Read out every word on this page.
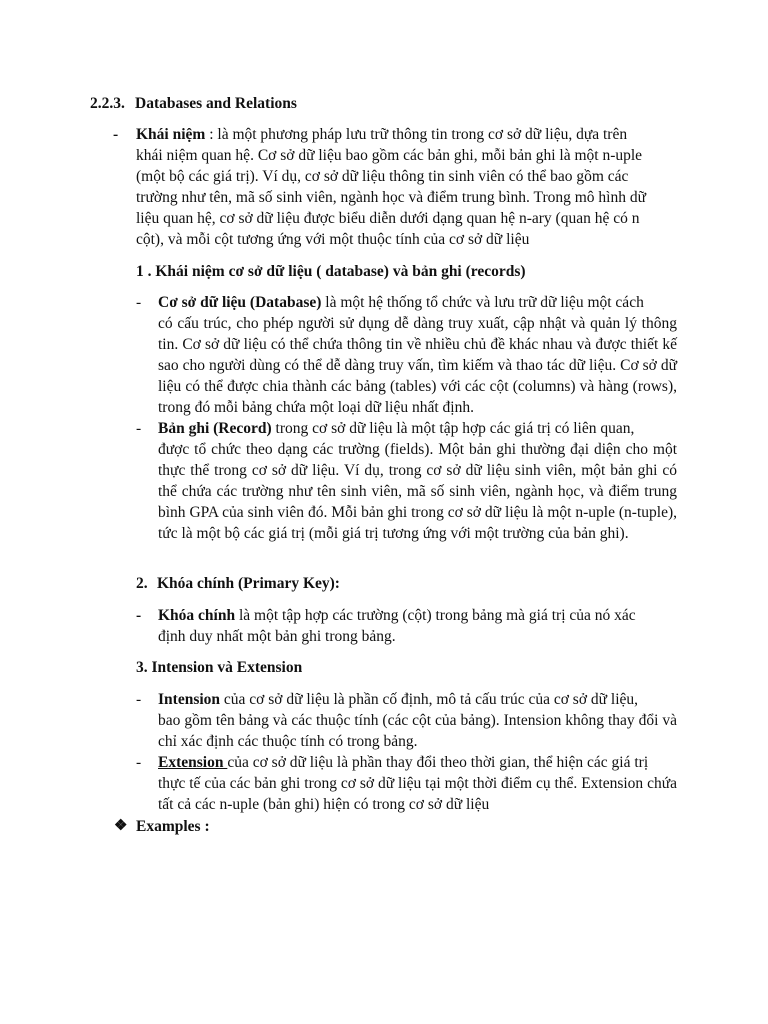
2.2.3. Databases and Relations
- Khái niệm : là một phương pháp lưu trữ thông tin trong cơ sở dữ liệu, dựa trên
khái niệm quan hệ. Cơ sở dữ liệu bao gồm các bản ghi, mỗi bản ghi là một n-uple
(một bộ các giá trị). Ví dụ, cơ sở dữ liệu thông tin sinh viên có thể bao gồm các
trường như tên, mã số sinh viên, ngành học và điểm trung bình. Trong mô hình dữ
liệu quan hệ, cơ sở dữ liệu được biểu diễn dưới dạng quan hệ n-ary (quan hệ có n
cột), và mỗi cột tương ứng với một thuộc tính của cơ sở dữ liệu
1 . Khái niệm cơ sở dữ liệu ( database) và bản ghi (records)
- Cơ sở dữ liệu (Database) là một hệ thống tổ chức và lưu trữ dữ liệu một cách
có cấu trúc, cho phép người sử dụng dễ dàng truy xuất, cập nhật và quản lý thông tin. Cơ sở dữ liệu có thể chứa thông tin về nhiều chủ đề khác nhau và được thiết kế sao cho người dùng có thể dễ dàng truy vấn, tìm kiếm và thao tác dữ liệu. Cơ sở dữ liệu có thể được chia thành các bảng (tables) với các cột (columns) và hàng (rows), trong đó mỗi bảng chứa một loại dữ liệu nhất định.
- Bản ghi (Record) trong cơ sở dữ liệu là một tập hợp các giá trị có liên quan,
được tổ chức theo dạng các trường (fields). Một bản ghi thường đại diện cho một thực thể trong cơ sở dữ liệu. Ví dụ, trong cơ sở dữ liệu sinh viên, một bản ghi có thể chứa các trường như tên sinh viên, mã số sinh viên, ngành học, và điểm trung bình GPA của sinh viên đó. Mỗi bản ghi trong cơ sở dữ liệu là một n-uple (n-tuple), tức là một bộ các giá trị (mỗi giá trị tương ứng với một trường của bản ghi).
2. Khóa chính (Primary Key):
- Khóa chính là một tập hợp các trường (cột) trong bảng mà giá trị của nó xác
định duy nhất một bản ghi trong bảng.
3. Intension và Extension
- Intension của cơ sở dữ liệu là phần cố định, mô tả cấu trúc của cơ sở dữ liệu,
bao gồm tên bảng và các thuộc tính (các cột của bảng). Intension không thay đổi và chỉ xác định các thuộc tính có trong bảng.
- Extension của cơ sở dữ liệu là phần thay đổi theo thời gian, thể hiện các giá trị
thực tế của các bản ghi trong cơ sở dữ liệu tại một thời điểm cụ thể. Extension chứa tất cả các n-uple (bản ghi) hiện có trong cơ sở dữ liệu
❖ Examples :
